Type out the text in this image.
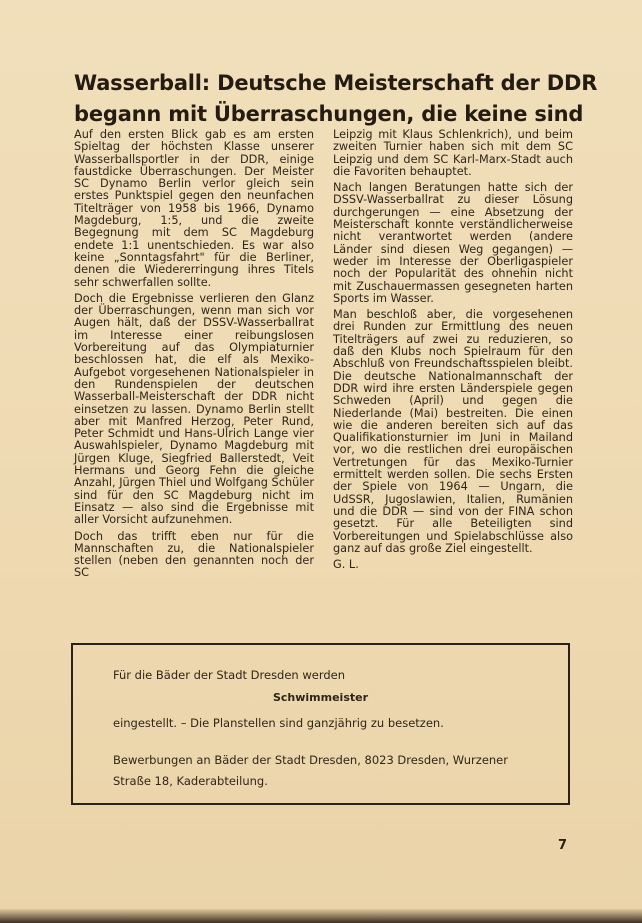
Wasserball: Deutsche Meisterschaft der DDR
begann mit Überraschungen, die keine sind

Auf den ersten Blick gab es am ersten Spieltag der höchsten Klasse unserer Wasserballsportler in der DDR, einige faustdicke Überraschungen. Der Meister SC Dynamo Berlin verlor gleich sein erstes Punktspiel gegen den neunfachen Titelträger von 1958 bis 1966, Dynamo Magdeburg, 1:5, und die zweite Begegnung mit dem SC Magdeburg endete 1:1 unentschieden. Es war also keine „Sonntagsfahrt" für die Berliner, denen die Wiedererringung ihres Titels sehr schwerfallen sollte.

Doch die Ergebnisse verlieren den Glanz der Überraschungen, wenn man sich vor Augen hält, daß der DSSV-Wasserballrat im Interesse einer reibungslosen Vorbereitung auf das Olympiaturnier beschlossen hat, die elf als Mexiko-Aufgebot vorgesehenen Nationalspieler in den Rundenspielen der deutschen Wasserball-Meisterschaft der DDR nicht einsetzen zu lassen. Dynamo Berlin stellt aber mit Manfred Herzog, Peter Rund, Peter Schmidt und Hans-Ulrich Lange vier Auswahlspieler, Dynamo Magdeburg mit Jürgen Kluge, Siegfried Ballerstedt, Veit Hermans und Georg Fehn die gleiche Anzahl, Jürgen Thiel und Wolfgang Schüler sind für den SC Magdeburg nicht im Einsatz — also sind die Ergebnisse mit aller Vorsicht aufzunehmen.

Doch das trifft eben nur für die Mannschaften zu, die Nationalspieler stellen (neben den genannten noch der SC

Leipzig mit Klaus Schlenkrich), und beim zweiten Turnier haben sich mit dem SC Leipzig und dem SC Karl-Marx-Stadt auch die Favoriten behauptet.

Nach langen Beratungen hatte sich der DSSV-Wasserballrat zu dieser Lösung durchgerungen — eine Absetzung der Meisterschaft konnte verständlicherweise nicht verantwortet werden (andere Länder sind diesen Weg gegangen) — weder im Interesse der Oberligaspieler noch der Popularität des ohnehin nicht mit Zuschauermassen gesegneten harten Sports im Wasser.

Man beschloß aber, die vorgesehenen drei Runden zur Ermittlung des neuen Titelträgers auf zwei zu reduzieren, so daß den Klubs noch Spielraum für den Abschluß von Freundschaftsspielen bleibt. Die deutsche Nationalmannschaft der DDR wird ihre ersten Länderspiele gegen Schweden (April) und gegen die Niederlande (Mai) bestreiten. Die einen wie die anderen bereiten sich auf das Qualifikationsturnier im Juni in Mailand vor, wo die restlichen drei europäischen Vertretungen für das Mexiko-Turnier ermittelt werden sollen. Die sechs Ersten der Spiele von 1964 — Ungarn, die UdSSR, Jugoslawien, Italien, Rumänien und die DDR — sind von der FINA schon gesetzt. Für alle Beteiligten sind Vorbereitungen und Spielabschlüsse also ganz auf das große Ziel eingestellt.

G. L.

Für die Bäder der Stadt Dresden werden
Schwimmeister
eingestellt. – Die Planstellen sind ganzjährig zu besetzen.
Bewerbungen an Bäder der Stadt Dresden, 8023 Dresden, Wurzener
Straße 18, Kaderabteilung.
7
